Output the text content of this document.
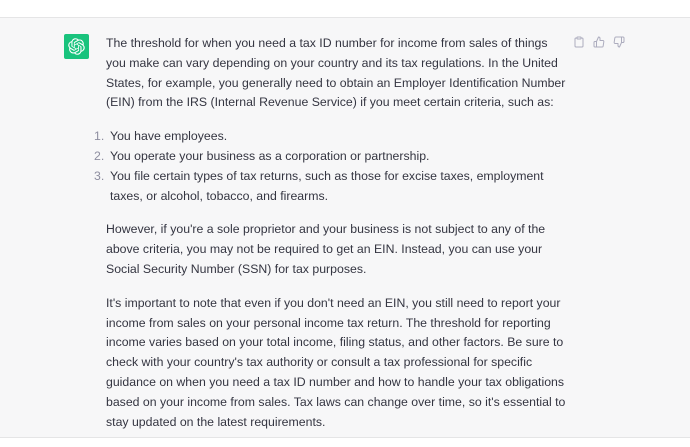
The threshold for when you need a tax ID number for income from sales of things you make can vary depending on your country and its tax regulations. In the United States, for example, you generally need to obtain an Employer Identification Number (EIN) from the IRS (Internal Revenue Service) if you meet certain criteria, such as:

1. You have employees.
2. You operate your business as a corporation or partnership.
3. You file certain types of tax returns, such as those for excise taxes, employment taxes, or alcohol, tobacco, and firearms.

However, if you're a sole proprietor and your business is not subject to any of the above criteria, you may not be required to get an EIN. Instead, you can use your Social Security Number (SSN) for tax purposes.

It's important to note that even if you don't need an EIN, you still need to report your income from sales on your personal income tax return. The threshold for reporting income varies based on your total income, filing status, and other factors. Be sure to check with your country's tax authority or consult a tax professional for specific guidance on when you need a tax ID number and how to handle your tax obligations based on your income from sales. Tax laws can change over time, so it's essential to stay updated on the latest requirements.
